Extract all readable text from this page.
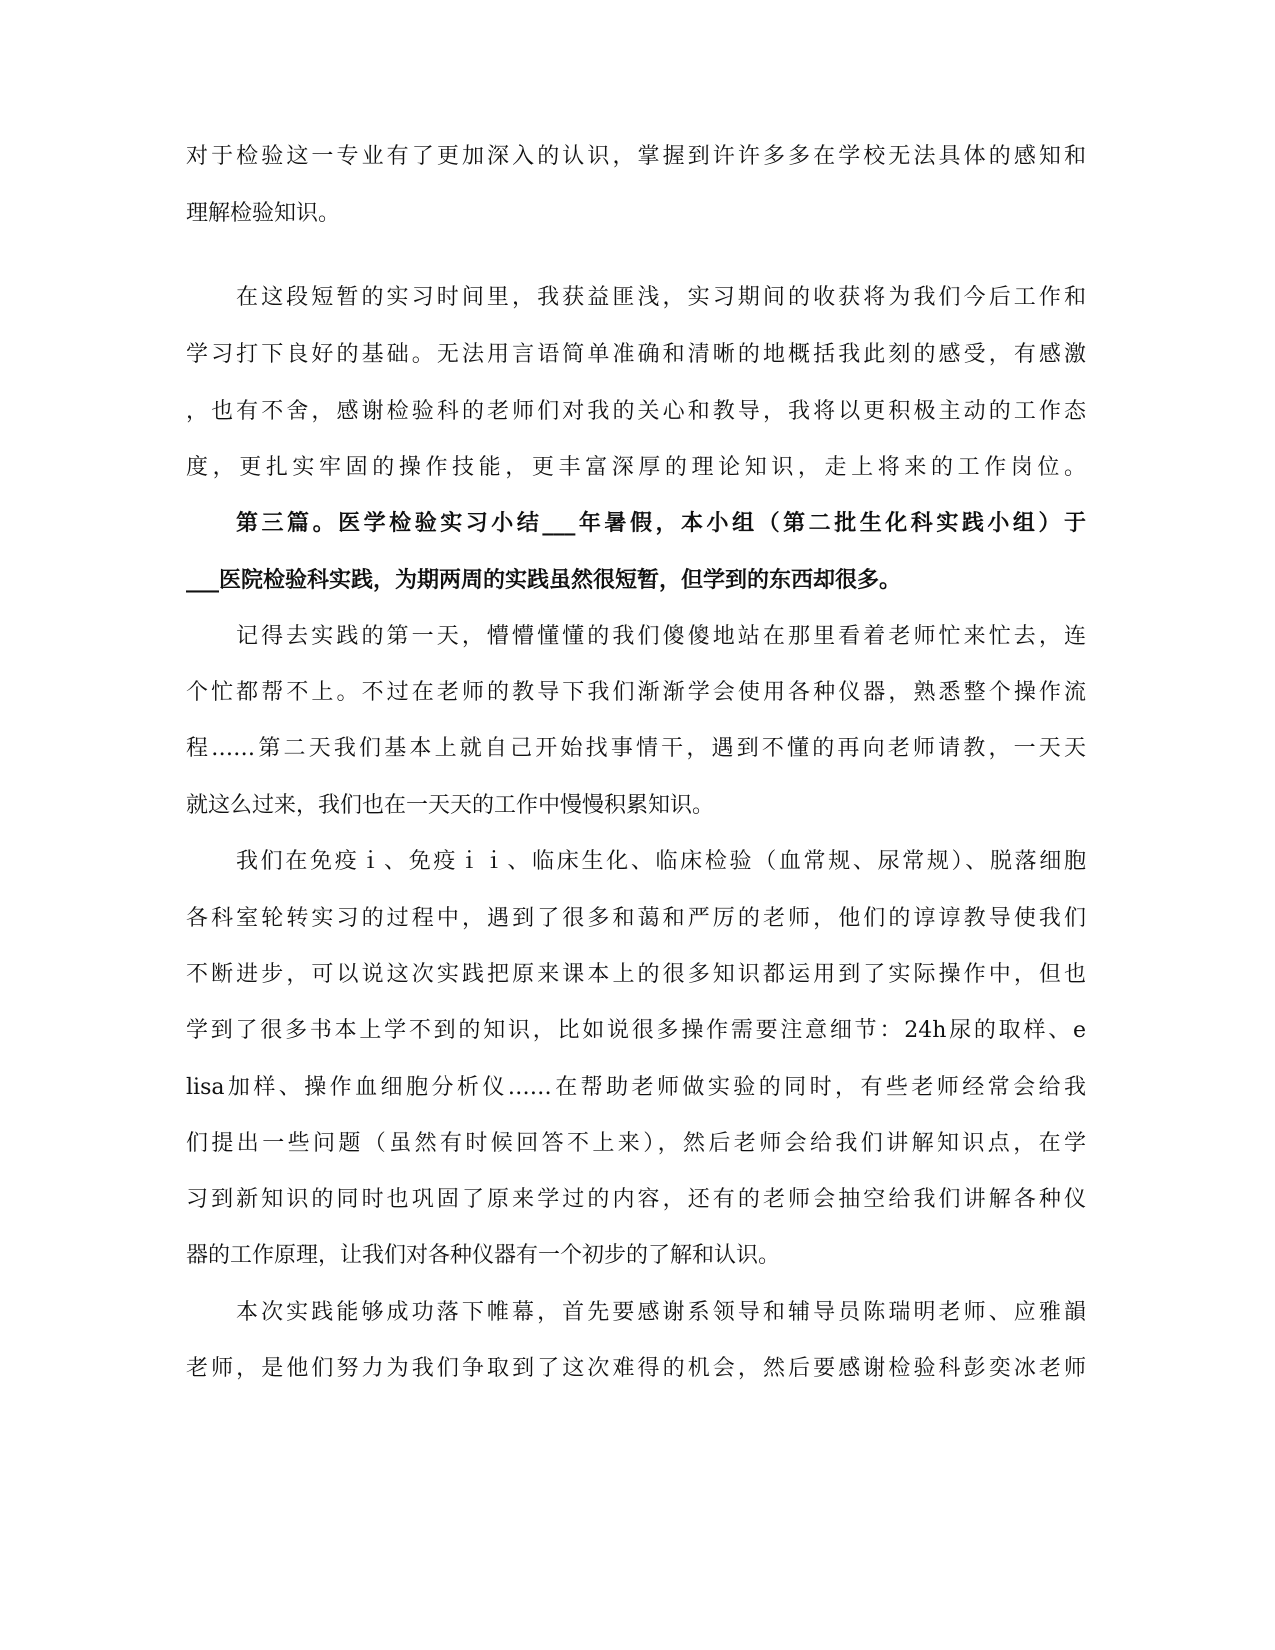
对于检验这一专业有了更加深入的认识，掌握到许许多多在学校无法具体的感知和
理解检验知识。
在这段短暂的实习时间里，我获益匪浅，实习期间的收获将为我们今后工作和
学习打下良好的基础。无法用言语简单准确和清晰的地概括我此刻的感受，有感激
，也有不舍，感谢检验科的老师们对我的关心和教导，我将以更积极主动的工作态
度，更扎实牢固的操作技能，更丰富深厚的理论知识，走上将来的工作岗位。
第三篇。医学检验实习小结___年暑假，本小组（第二批生化科实践小组）于
___医院检验科实践，为期两周的实践虽然很短暂，但学到的东西却很多。
记得去实践的第一天，懵懵懂懂的我们傻傻地站在那里看着老师忙来忙去，连
个忙都帮不上。不过在老师的教导下我们渐渐学会使用各种仪器，熟悉整个操作流
程……第二天我们基本上就自己开始找事情干，遇到不懂的再向老师请教，一天天
就这么过来，我们也在一天天的工作中慢慢积累知识。
我们在免疫ｉ、免疫ｉｉ、临床生化、临床检验（血常规、尿常规）、脱落细胞
各科室轮转实习的过程中，遇到了很多和蔼和严厉的老师，他们的谆谆教导使我们
不断进步，可以说这次实践把原来课本上的很多知识都运用到了实际操作中，但也
学到了很多书本上学不到的知识，比如说很多操作需要注意细节：24h尿的取样、e
lisa加样、操作血细胞分析仪……在帮助老师做实验的同时，有些老师经常会给我
们提出一些问题（虽然有时候回答不上来），然后老师会给我们讲解知识点，在学
习到新知识的同时也巩固了原来学过的内容，还有的老师会抽空给我们讲解各种仪
器的工作原理，让我们对各种仪器有一个初步的了解和认识。
本次实践能够成功落下帷幕，首先要感谢系领导和辅导员陈瑞明老师、应雅韻
老师，是他们努力为我们争取到了这次难得的机会，然后要感谢检验科彭奕冰老师
